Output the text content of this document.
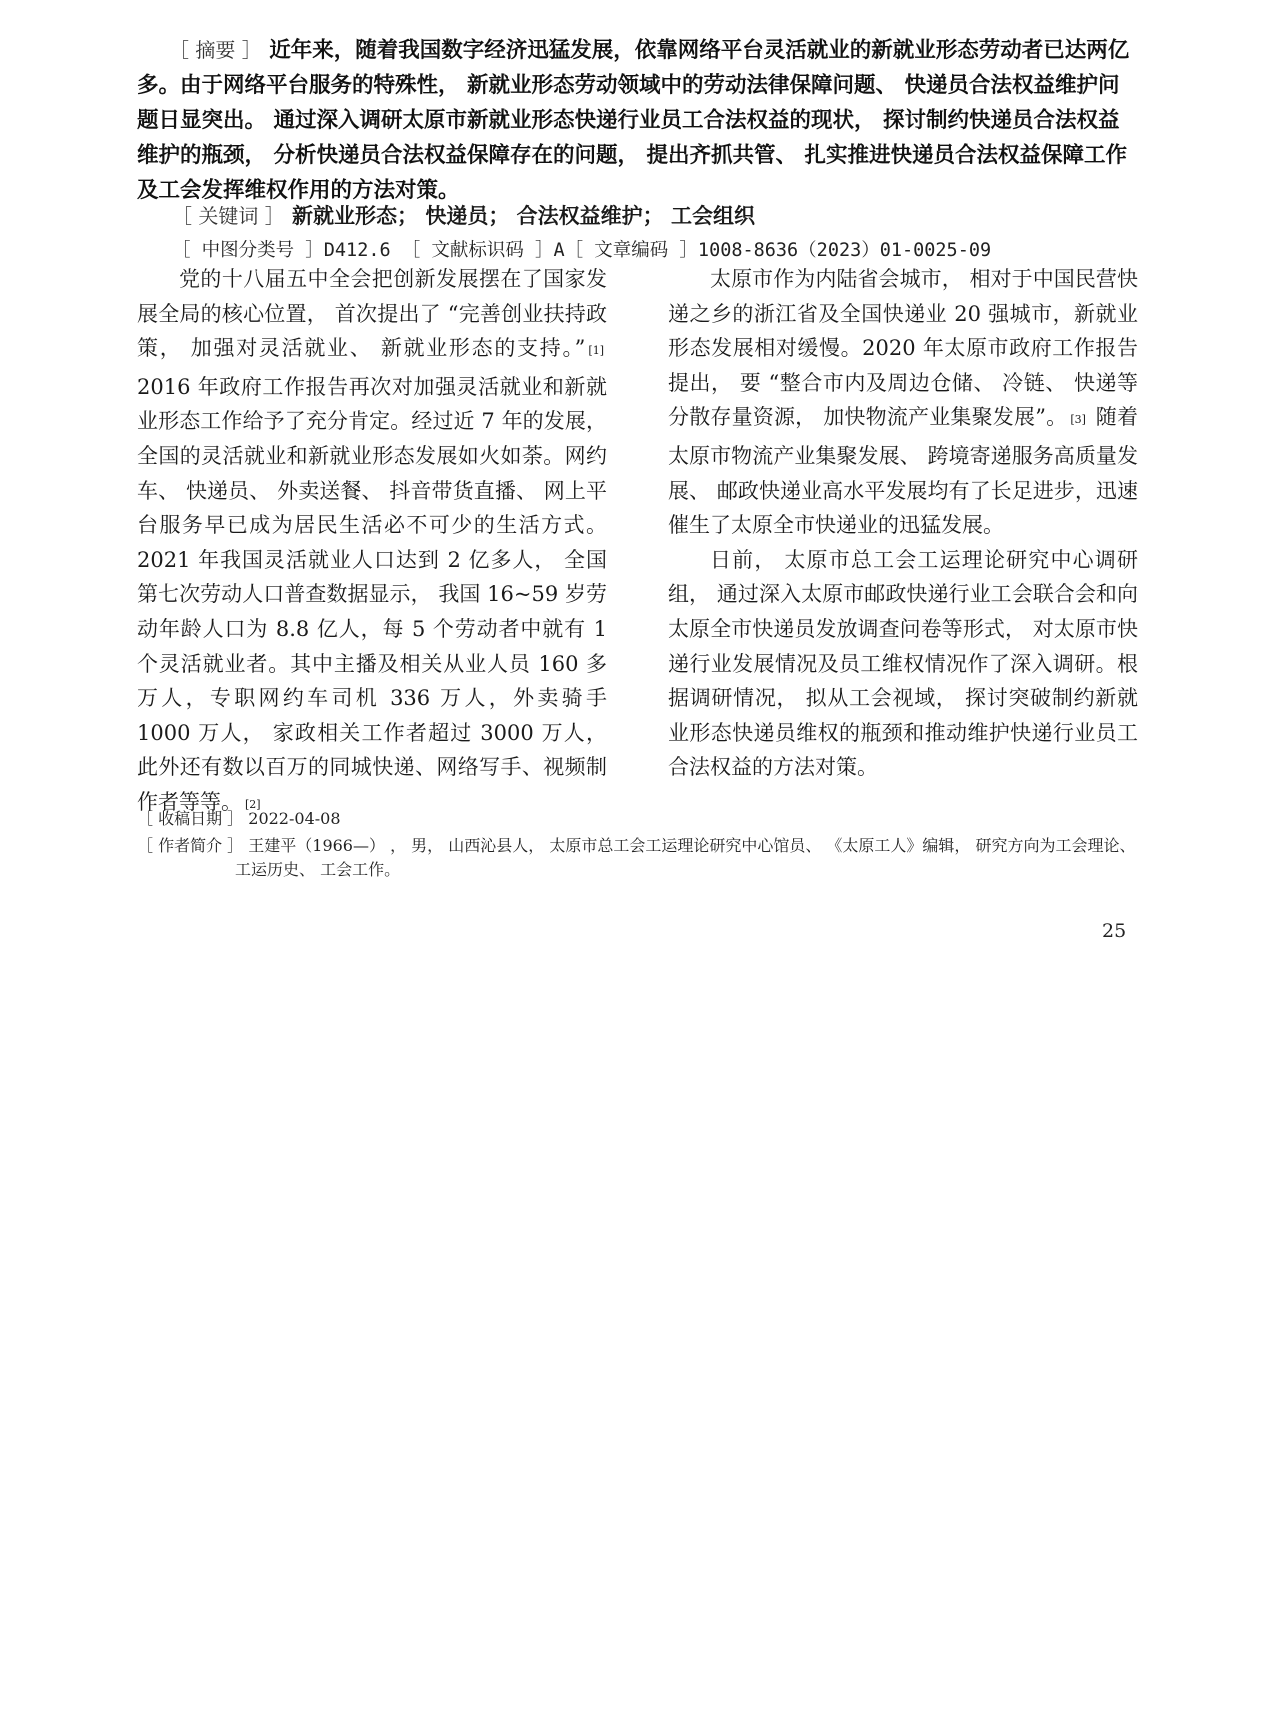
［ 摘要 ］ 近年来，随着我国数字经济迅猛发展，依靠网络平台灵活就业的新就业形态劳动者已达两亿多。由于网络平台服务的特殊性， 新就业形态劳动领域中的劳动法律保障问题、 快递员合法权益维护问题日显突出。 通过深入调研太原市新就业形态快递行业员工合法权益的现状， 探讨制约快递员合法权益维护的瓶颈， 分析快递员合法权益保障存在的问题， 提出齐抓共管、 扎实推进快递员合法权益保障工作及工会发挥维权作用的方法对策。
［ 关键词 ］ 新就业形态； 快递员； 合法权益维护； 工会组织
［ 中图分类号 ］D412.6 ［ 文献标识码 ］A［ 文章编码 ］1008-8636（2023）01-0025-09

党的十八届五中全会把创新发展摆在了国家发展全局的核心位置， 首次提出了 “完善创业扶持政策， 加强对灵活就业、 新就业形态的支持。” [1] 2016 年政府工作报告再次对加强灵活就业和新就业形态工作给予了充分肯定。经过近 7 年的发展， 全国的灵活就业和新就业形态发展如火如荼。网约车、 快递员、 外卖送餐、 抖音带货直播、 网上平台服务早已成为居民生活必不可少的生活方式。2021 年我国灵活就业人口达到 2 亿多人， 全国第七次劳动人口普查数据显示， 我国 16~59 岁劳动年龄人口为 8.8 亿人，每 5 个劳动者中就有 1 个灵活就业者。其中主播及相关从业人员 160 多万人，专职网约车司机 336 万人，外卖骑手 1000 万人， 家政相关工作者超过 3000 万人， 此外还有数以百万的同城快递、网络写手、视频制作者等等。 [2]

太原市作为内陆省会城市， 相对于中国民营快递之乡的浙江省及全国快递业 20 强城市，新就业形态发展相对缓慢。2020 年太原市政府工作报告提出， 要 “整合市内及周边仓储、 冷链、 快递等分散存量资源， 加快物流产业集聚发展”。 [3] 随着太原市物流产业集聚发展、 跨境寄递服务高质量发展、 邮政快递业高水平发展均有了长足进步，迅速催生了太原全市快递业的迅猛发展。

日前， 太原市总工会工运理论研究中心调研组， 通过深入太原市邮政快递行业工会联合会和向太原全市快递员发放调查问卷等形式， 对太原市快递行业发展情况及员工维权情况作了深入调研。根据调研情况， 拟从工会视域， 探讨突破制约新就业形态快递员维权的瓶颈和推动维护快递行业员工合法权益的方法对策。

［ 收稿日期 ］ 2022-04-08
［ 作者简介 ］ 王建平（1966—） ， 男， 山西沁县人， 太原市总工会工运理论研究中心馆员、 《太原工人》编辑， 研究方向为工会理论、
工运历史、 工会工作。
25
